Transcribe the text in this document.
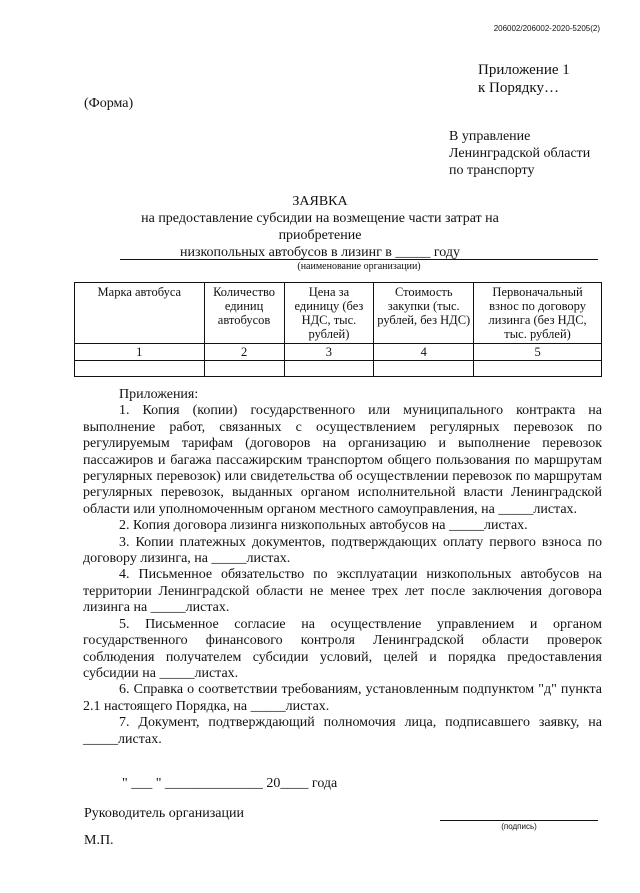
206002/206002-2020-5205(2)
Приложение 1
к Порядку…
(Форма)
В управление
Ленинградской области
по транспорту
ЗАЯВКА
на предоставление субсидии на возмещение части затрат на приобретение
низкопольных автобусов в лизинг в _____ году
(наименование организации)
Марка автобуса	Количество единиц автобусов	Цена за единицу (без НДС, тыс. рублей)	Стоимость закупки (тыс. рублей, без НДС)	Первоначальный взнос по договору лизинга (без НДС, тыс. рублей)
1	2	3	4	5

Приложения:

1. Копия (копии) государственного или муниципального контракта на выполнение работ, связанных с осуществлением регулярных перевозок по регулируемым тарифам (договоров на организацию и выполнение перевозок пассажиров и багажа пассажирским транспортом общего пользования по маршрутам регулярных перевозок) или свидетельства об осуществлении перевозок по маршрутам регулярных перевозок, выданных органом исполнительной власти Ленинградской области или уполномоченным органом местного самоуправления, на _____листах.

2. Копия договора лизинга низкопольных автобусов на _____листах.

3. Копии платежных документов, подтверждающих оплату первого взноса по договору лизинга, на _____листах.

4. Письменное обязательство по эксплуатации низкопольных автобусов на территории Ленинградской области не менее трех лет после заключения договора лизинга на _____листах.

5. Письменное согласие на осуществление управлением и органом государственного финансового контроля Ленинградской области проверок соблюдения получателем субсидии условий, целей и порядка предоставления субсидии на _____листах.

6. Справка о соответствии требованиям, установленным подпунктом "д" пункта 2.1 настоящего Порядка, на _____листах.

7. Документ, подтверждающий полномочия лица, подписавшего заявку, на _____листах.

" ___ " ______________ 20____ года
Руководитель организации
(подпись)
М.П.
